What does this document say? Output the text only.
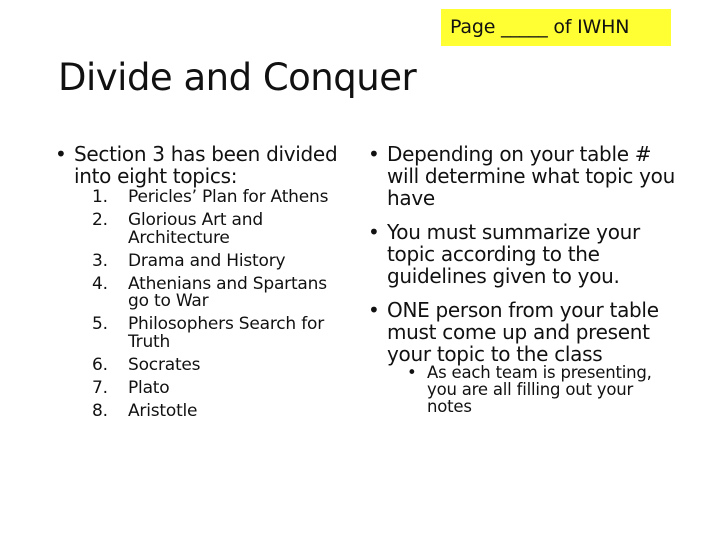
Page _____ of IWHN
Divide and Conquer
• Section 3 has been divided into eight topics:
1. Pericles’ Plan for Athens
2. Glorious Art and Architecture
3. Drama and History
4. Athenians and Spartans go to War
5. Philosophers Search for Truth
6. Socrates
7. Plato
8. Aristotle
• Depending on your table # will determine what topic you have
• You must summarize your topic according to the guidelines given to you.
• ONE person from your table must come up and present your topic to the class
• As each team is presenting, you are all filling out your notes
